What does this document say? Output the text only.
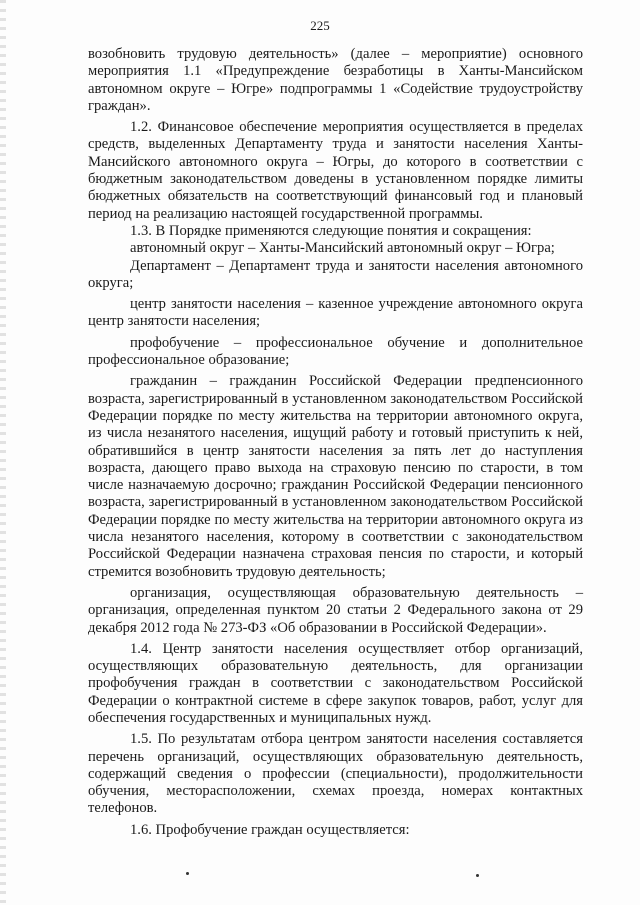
225

возобновить трудовую деятельность» (далее – мероприятие) основного мероприятия 1.1 «Предупреждение безработицы в Ханты-Мансийском автономном округе – Югре» подпрограммы 1 «Содействие трудоустройству граждан».

1.2. Финансовое обеспечение мероприятия осуществляется в пределах средств, выделенных Департаменту труда и занятости населения Ханты-Мансийского автономного округа – Югры, до которого в соответствии с бюджетным законодательством доведены в установленном порядке лимиты бюджетных обязательств на соответствующий финансовый год и плановый период на реализацию настоящей государственной программы.

1.3. В Порядке применяются следующие понятия и сокращения:

автономный округ – Ханты-Мансийский автономный округ – Югра;

Департамент – Департамент труда и занятости населения автономного округа;

центр занятости населения – казенное учреждение автономного округа центр занятости населения;

профобучение – профессиональное обучение и дополнительное профессиональное образование;

гражданин – гражданин Российской Федерации предпенсионного возраста, зарегистрированный в установленном законодательством Российской Федерации порядке по месту жительства на территории автономного округа, из числа незанятого населения, ищущий работу и готовый приступить к ней, обратившийся в центр занятости населения за пять лет до наступления возраста, дающего право выхода на страховую пенсию по старости, в том числе назначаемую досрочно; гражданин Российской Федерации пенсионного возраста, зарегистрированный в установленном законодательством Российской Федерации порядке по месту жительства на территории автономного округа из числа незанятого населения, которому в соответствии с законодательством Российской Федерации назначена страховая пенсия по старости, и который стремится возобновить трудовую деятельность;

организация, осуществляющая образовательную деятельность – организация, определенная пунктом 20 статьи 2 Федерального закона от 29 декабря 2012 года № 273-ФЗ «Об образовании в Российской Федерации».

1.4. Центр занятости населения осуществляет отбор организаций, осуществляющих образовательную деятельность, для организации профобучения граждан в соответствии с законодательством Российской Федерации о контрактной системе в сфере закупок товаров, работ, услуг для обеспечения государственных и муниципальных нужд.

1.5. По результатам отбора центром занятости населения составляется перечень организаций, осуществляющих образовательную деятельность, содержащий сведения о профессии (специальности), продолжительности обучения, месторасположении, схемах проезда, номерах контактных телефонов.

1.6. Профобучение граждан осуществляется:
